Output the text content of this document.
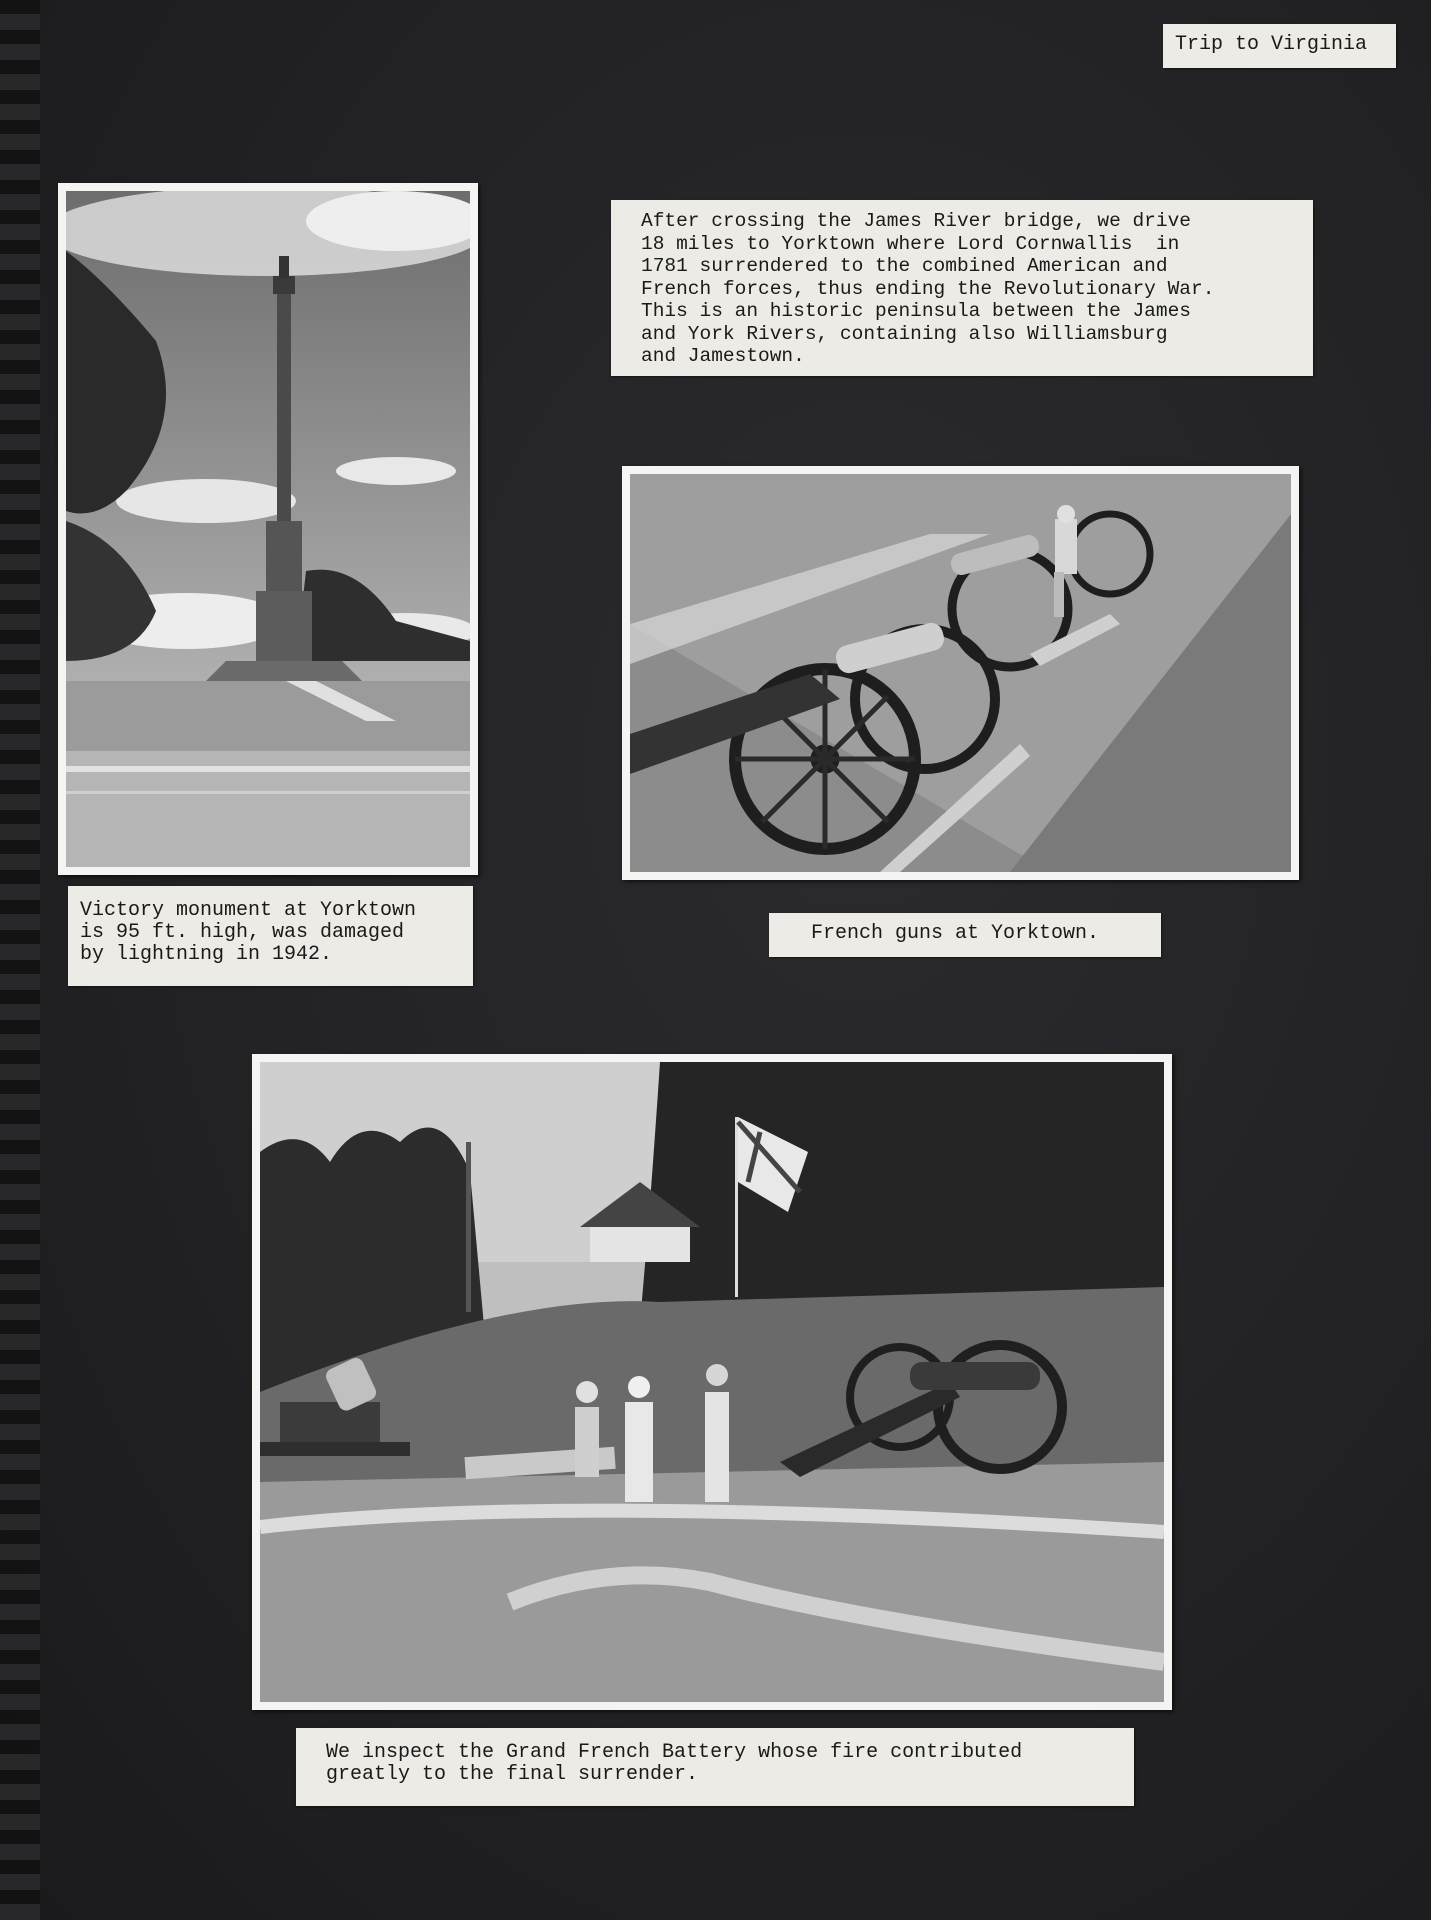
Trip to Virginia
Victory monument at Yorktown
is 95 ft. high, was damaged
by lightning in 1942.
After crossing the James River bridge, we drive
18 miles to Yorktown where Lord Cornwallis  in
1781 surrendered to the combined American and
French forces, thus ending the Revolutionary War.
This is an historic peninsula between the James
and York Rivers, containing also Williamsburg
and Jamestown.
French guns at Yorktown.
We inspect the Grand French Battery whose fire contributed
greatly to the final surrender.
